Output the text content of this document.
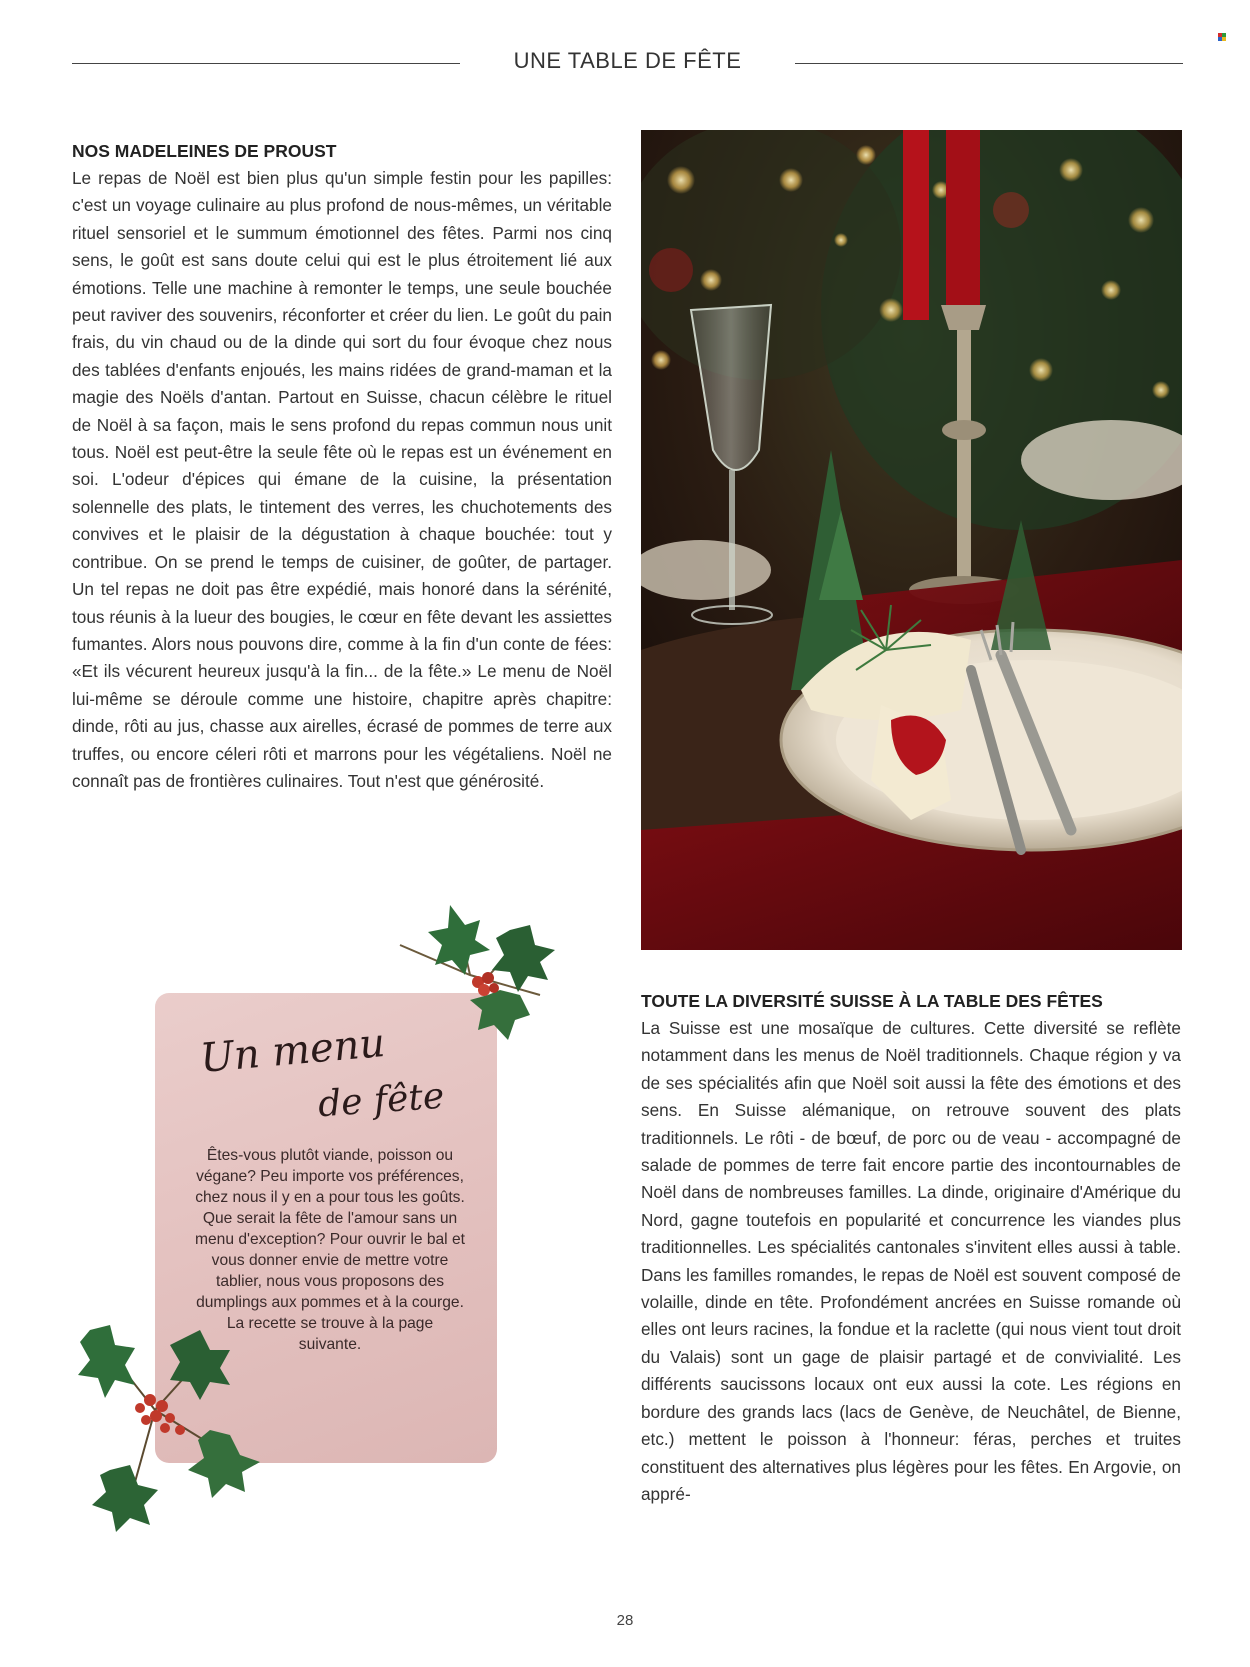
UNE TABLE DE FÊTE

NOS MADELEINES DE PROUST

Le repas de Noël est bien plus qu'un simple festin pour les papilles: c'est un voyage culinaire au plus profond de nous-mêmes, un véritable rituel sensoriel et le summum émotionnel des fêtes. Parmi nos cinq sens, le goût est sans doute celui qui est le plus étroitement lié aux émotions. Telle une machine à remonter le temps, une seule bouchée peut raviver des souvenirs, réconforter et créer du lien. Le goût du pain frais, du vin chaud ou de la dinde qui sort du four évoque chez nous des tablées d'enfants enjoués, les mains ridées de grand-maman et la magie des Noëls d'antan. Partout en Suisse, chacun célèbre le rituel de Noël à sa façon, mais le sens profond du repas commun nous unit tous. Noël est peut-être la seule fête où le repas est un événement en soi. L'odeur d'épices qui émane de la cuisine, la présentation solennelle des plats, le tintement des verres, les chuchotements des convives et le plaisir de la dégustation à chaque bouchée: tout y contribue. On se prend le temps de cuisiner, de goûter, de partager. Un tel repas ne doit pas être expédié, mais honoré dans la sérénité, tous réunis à la lueur des bougies, le cœur en fête devant les assiettes fumantes. Alors nous pouvons dire, comme à la fin d'un conte de fées: «Et ils vécurent heureux jusqu'à la fin... de la fête.» Le menu de Noël lui-même se déroule comme une histoire, chapitre après chapitre: dinde, rôti au jus, chasse aux airelles, écrasé de pommes de terre aux truffes, ou encore céleri rôti et marrons pour les végétaliens. Noël ne connaît pas de frontières culinaires. Tout n'est que générosité.

Un menu
de fête

Êtes-vous plutôt viande, poisson ou végane? Peu importe vos préférences, chez nous il y en a pour tous les goûts. Que serait la fête de l'amour sans un menu d'exception? Pour ouvrir le bal et vous donner envie de mettre votre tablier, nous vous proposons des dumplings aux pommes et à la courge. La recette se trouve à la page suivante.

TOUTE LA DIVERSITÉ SUISSE À LA TABLE DES FÊTES

La Suisse est une mosaïque de cultures. Cette diversité se reflète notamment dans les menus de Noël traditionnels. Chaque région y va de ses spécialités afin que Noël soit aussi la fête des émotions et des sens. En Suisse alémanique, on retrouve souvent des plats traditionnels. Le rôti - de bœuf, de porc ou de veau - accompagné de salade de pommes de terre fait encore partie des incontournables de Noël dans de nombreuses familles. La dinde, originaire d'Amérique du Nord, gagne toutefois en popularité et concurrence les viandes plus traditionnelles. Les spécialités cantonales s'invitent elles aussi à table. Dans les familles romandes, le repas de Noël est souvent composé de volaille, dinde en tête. Profondément ancrées en Suisse romande où elles ont leurs racines, la fondue et la raclette (qui nous vient tout droit du Valais) sont un gage de plaisir partagé et de convivialité. Les différents saucissons locaux ont eux aussi la cote. Les régions en bordure des grands lacs (lacs de Genève, de Neuchâtel, de Bienne, etc.) mettent le poisson à l'honneur: féras, perches et truites constituent des alternatives plus légères pour les fêtes. En Argovie, on appré-

28
